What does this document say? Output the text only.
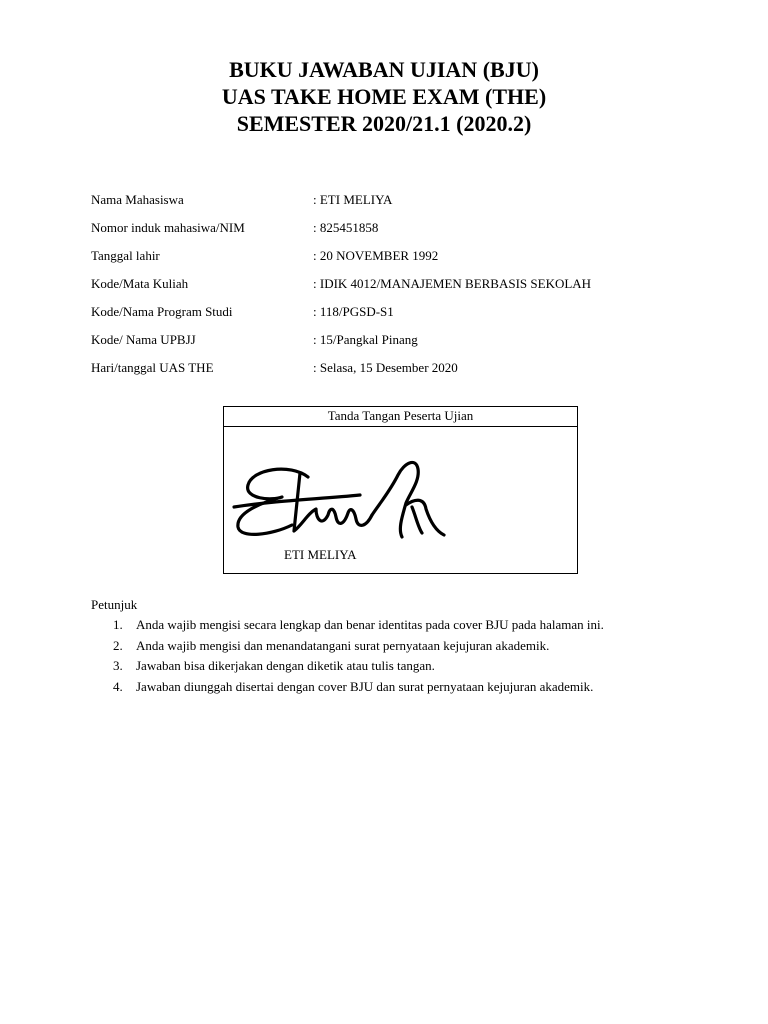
BUKU JAWABAN UJIAN (BJU)
UAS TAKE HOME EXAM (THE)
SEMESTER 2020/21.1 (2020.2)
Nama Mahasiswa	: ETI MELIYA
Nomor induk mahasiwa/NIM	: 825451858
Tanggal lahir	: 20 NOVEMBER 1992
Kode/Mata Kuliah	: IDIK 4012/MANAJEMEN BERBASIS SEKOLAH
Kode/Nama Program Studi	: 118/PGSD-S1
Kode/ Nama UPBJJ	: 15/Pangkal Pinang
Hari/tanggal UAS THE	: Selasa, 15 Desember 2020
Tanda Tangan Peserta Ujian
ETI MELIYA
Petunjuk
1. Anda wajib mengisi secara lengkap dan benar identitas pada cover BJU pada halaman ini.
2. Anda wajib mengisi dan menandatangani surat pernyataan kejujuran akademik.
3. Jawaban bisa dikerjakan dengan diketik atau tulis tangan.
4. Jawaban diunggah disertai dengan cover BJU dan surat pernyataan kejujuran akademik.
